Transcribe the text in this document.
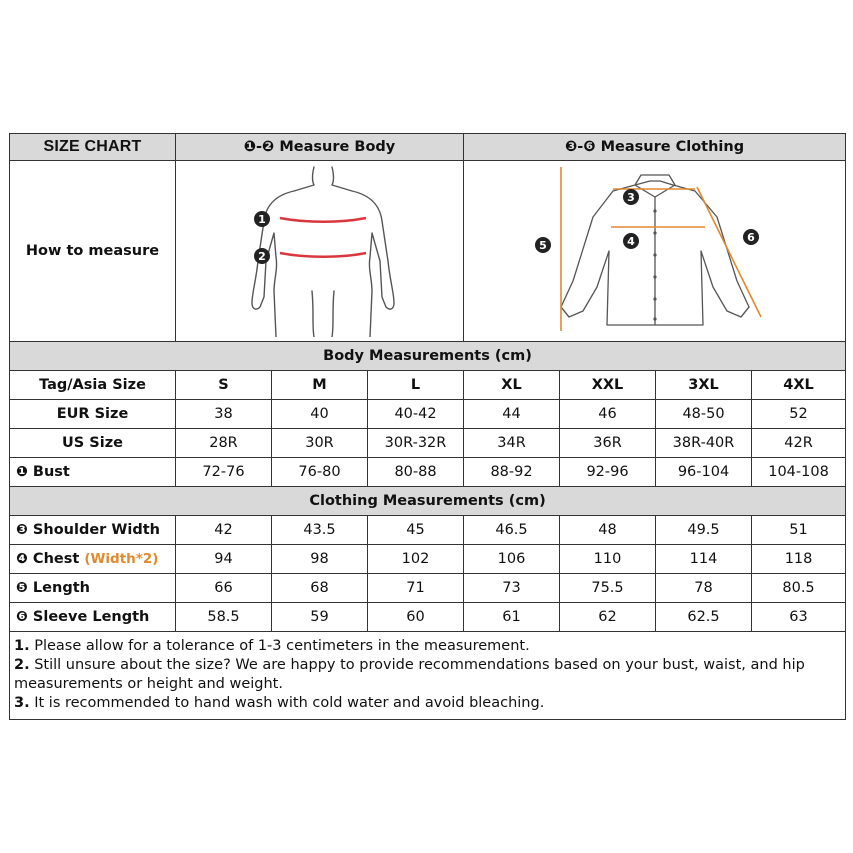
SIZE CHART	❶-❷ Measure Body			❸-❻ Measure Clothing			
How to measure	1
2			3
4
5
6			

Body Measurements (cm)							
Tag/Asia Size	S	M	L	XL	XXL	3XL	4XL
EUR Size	38	40	40-42	44	46	48-50	52
US Size	28R	30R	30R-32R	34R	36R	38R-40R	42R
❶ Bust	72-76	76-80	80-88	88-92	92-96	96-104	104-108
Clothing Measurements (cm)							
❸ Shoulder Width	42	43.5	45	46.5	48	49.5	51
❹ Chest (Width*2)	94	98	102	106	110	114	118
❺ Length	66	68	71	73	75.5	78	80.5
❻ Sleeve Length	58.5	59	60	61	62	62.5	63

1. Please allow for a tolerance of 1-3 centimeters in the measurement.
2. Still unsure about the size? We are happy to provide recommendations based on your bust, waist, and hip measurements or height and weight.
3. It is recommended to hand wash with cold water and avoid bleaching.							
